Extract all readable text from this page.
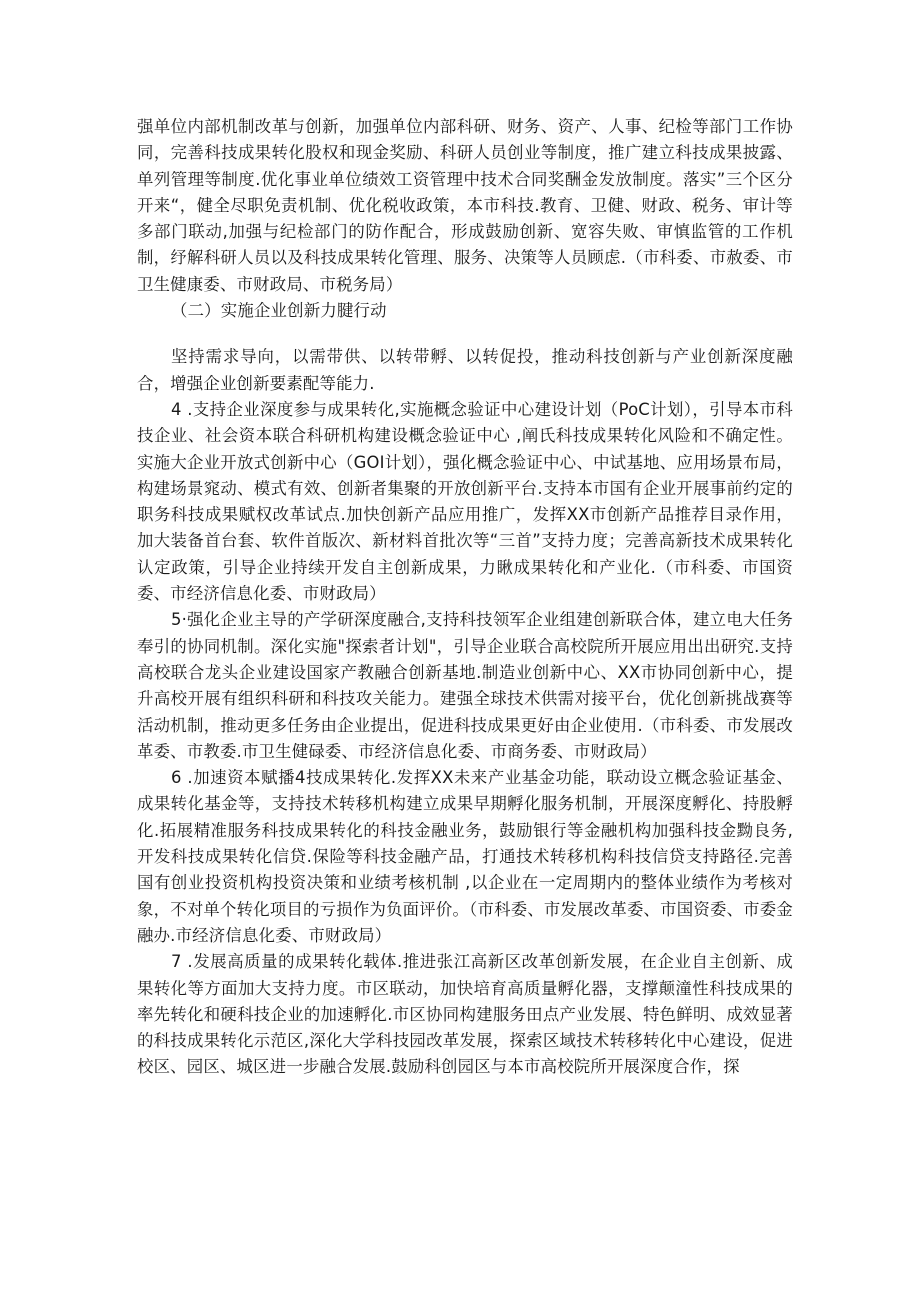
强单位内部机制改革与创新，加强单位内部科研、财务、资产、人事、纪检等部门工作协同，完善科技成果转化股权和现金奖励、科研人员创业等制度，推广建立科技成果披露、单列管理等制度.优化事业单位绩效工资管理中技术合同奖酬金发放制度。落实”三个区分开来“，健全尽职免责机制、优化税收政策，本市科技.教育、卫健、财政、税务、审计等多部门联动,加强与纪检部门的防作配合，形成鼓励创新、宽容失败、审慎监管的工作机制，纾解科研人员以及科技成果转化管理、服务、决策等人员顾虑.（市科委、市赦委、市卫生健康委、市财政局、市税务局）

（二）实施企业创新力腱行动

坚持需求导向，以需带供、以转带孵、以转促投，推动科技创新与产业创新深度融合，增强企业创新要素配等能力.

4 .支持企业深度参与成果转化,实施概念验证中心建设计划（PoC计划），引导本市科技企业、社会资本联合科研机构建设概念验证中心 ,阐氏科技成果转化风险和不确定性。实施大企业开放式创新中心（GOI计划），强化概念验证中心、中试基地、应用场景布局，构建场景窕动、模式有效、创新者集聚的开放创新平台.支持本市国有企业开展事前约定的职务科技成果赋权改革试点.加快创新产品应用推广，发挥XX市创新产品推荐目录作用，加大装备首台套、软件首版次、新材料首批次等“三首”支持力度；完善高新技术成果转化认定政策，引导企业持续开发自主创新成果，力瞅成果转化和产业化.（市科委、市国资委、市经济信息化委、市财政局）

5·强化企业主导的产学研深度融合,支持科技领军企业组建创新联合体，建立电大任务奉引的协同机制。深化实施"探索者计划"，引导企业联合高校院所开展应用出出研究.支持高校联合龙头企业建设国家产教融合创新基地.制造业创新中心、XX市协同创新中心，提升高校开展有组织科研和科技攻关能力。建强全球技术供需对接平台，优化创新挑战赛等活动机制，推动更多任务由企业提出，促进科技成果更好由企业使用.（市科委、市发展改革委、市教委.市卫生健碌委、市经济信息化委、市商务委、市财政局）

6 .加速资本赋播4技成果转化.发挥XX未来产业基金功能，联动设立概念验证基金、成果转化基金等，支持技术转移机构建立成果早期孵化服务机制，开展深度孵化、持股孵化.拓展精准服务科技成果转化的科技金融业务，鼓励银行等金融机构加强科技金黝良务,开发科技成果转化信贷.保险等科技金融产品，打通技术转移机构科技信贷支持路径.完善国有创业投资机构投资决策和业绩考核机制 ,以企业在一定周期内的整体业绩作为考核对象，不对单个转化项目的亏损作为负面评价。（市科委、市发展改革委、市国资委、市委金融办.市经济信息化委、市财政局）

7 .发展高质量的成果转化载体.推进张江高新区改革创新发展，在企业自主创新、成果转化等方面加大支持力度。市区联动，加快培育高质量孵化器，支撑颠潼性科技成果的率先转化和硬科技企业的加速孵化.市区协同构建服务田点产业发展、特色鲜明、成效显著的科技成果转化示范区,深化大学科技园改革发展，探索区域技术转移转化中心建设，促进校区、园区、城区进一步融合发展.鼓励科创园区与本市高校院所开展深度合作，探
